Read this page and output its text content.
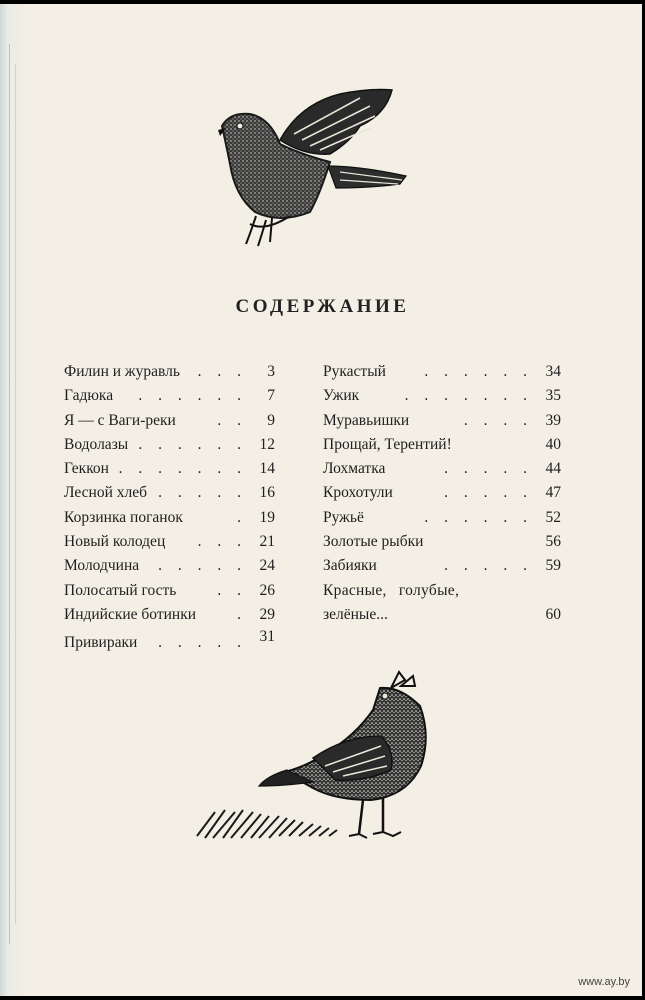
СОДЕРЖАНИЕ
Филин и журавль . . . 3
Гадюка . . . . . . 7
Я — с Ваги-реки	. . 9
Водолазы . . . . . . 12
Геккон . . . . . . . 14
Лесной хлеб . . . . . 16
Корзинка поганок	. 19
Новый колодец . . . 21
Молодчина . . . . . 24
Полосатый гость	. . 26
Индийские ботинки	. 29
Привираки . . . . . 31
Рукастый . . . . . . 34
Ужик	. . . . . . . 35
Муравьишки	. . . . 39
Прощай, Терентий!	40
Лохматка	. . . . . 44
Крохотули	. . . . . 47
Ружьё	. . . . . . 52
Золотые рыбки	56
Забияки	. . . . . 59
Красные, голубые,
зелёные...	60
www.ay.by
